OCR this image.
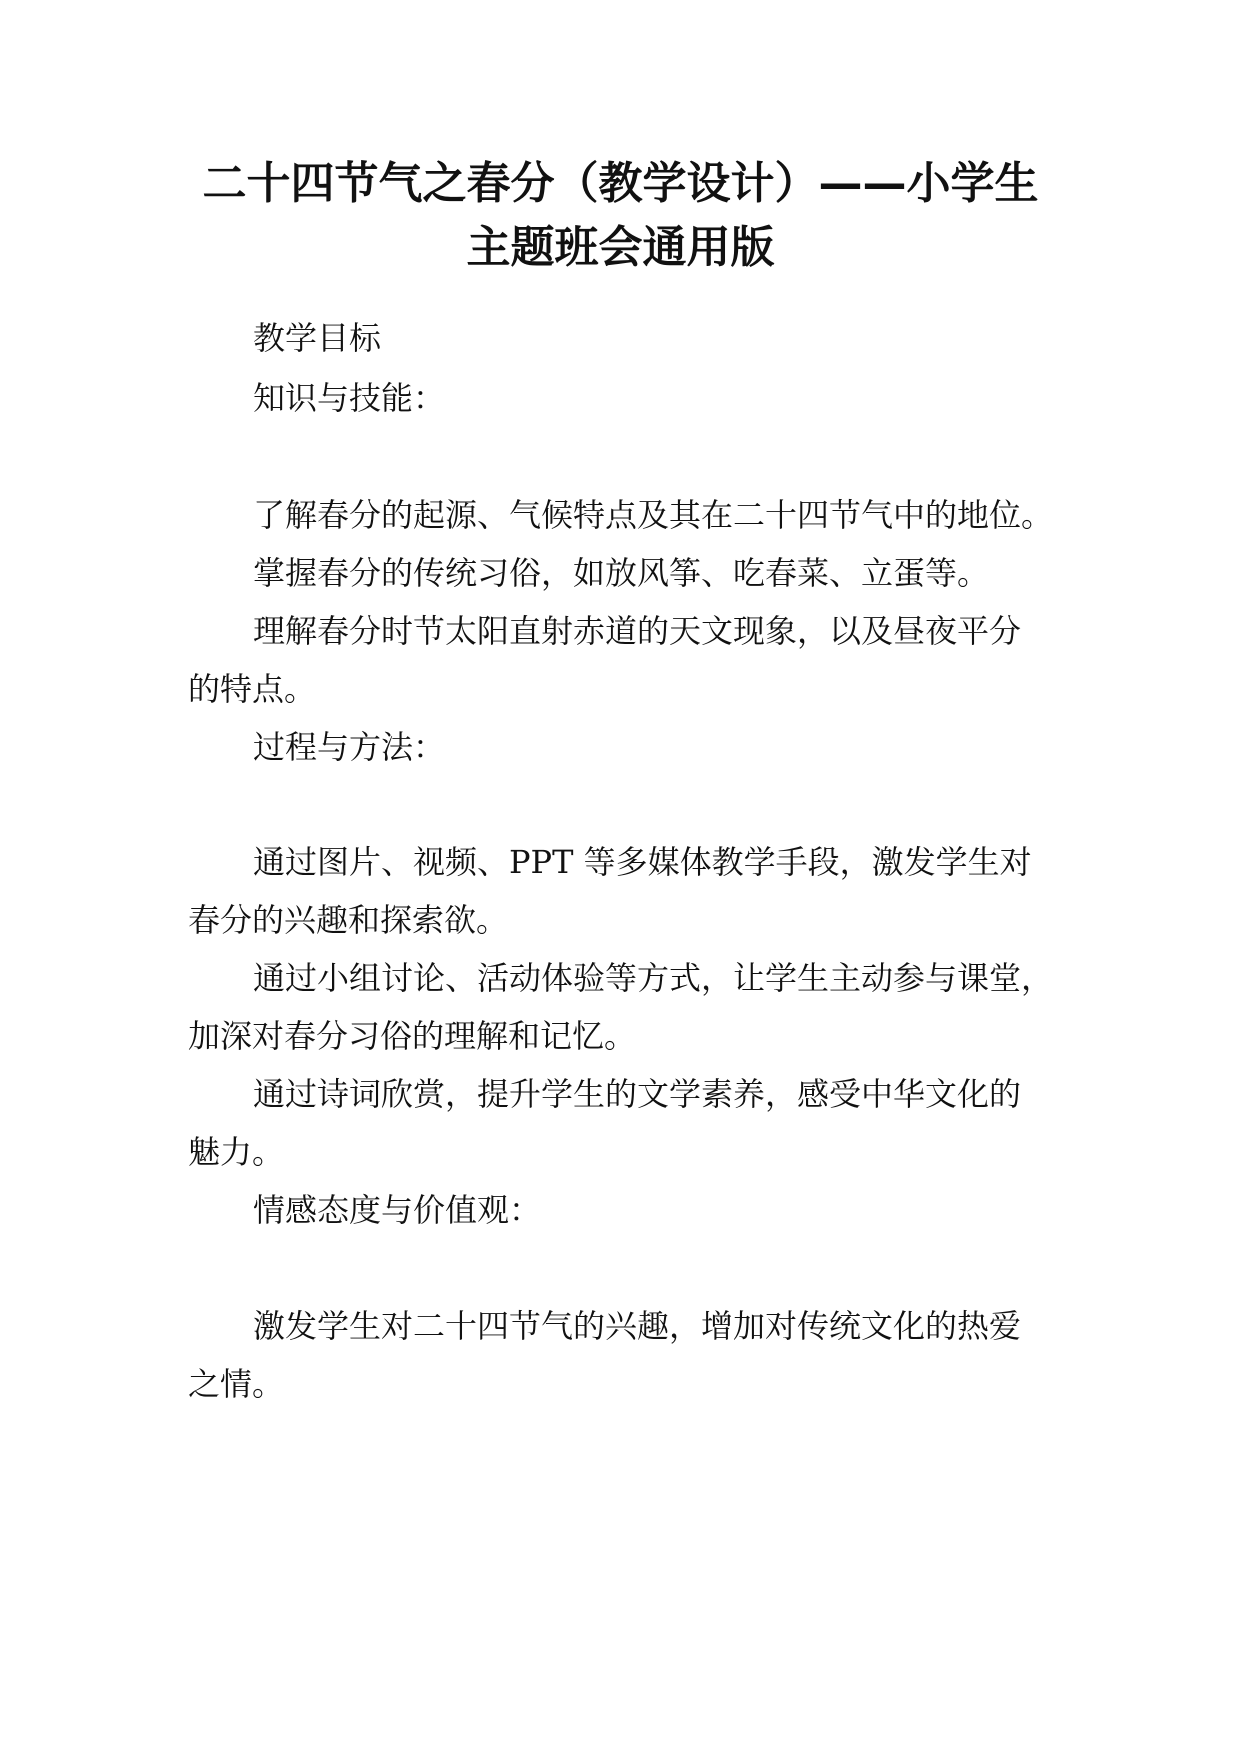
二十四节气之春分（教学设计）——小学生
主题班会通用版

教学目标

知识与技能：

了解春分的起源、气候特点及其在二十四节气中的地位。

掌握春分的传统习俗，如放风筝、吃春菜、立蛋等。

理解春分时节太阳直射赤道的天文现象，以及昼夜平分

的特点。

过程与方法：

通过图片、视频、PPT 等多媒体教学手段，激发学生对

春分的兴趣和探索欲。

通过小组讨论、活动体验等方式，让学生主动参与课堂，

加深对春分习俗的理解和记忆。

通过诗词欣赏，提升学生的文学素养，感受中华文化的

魅力。

情感态度与价值观：

激发学生对二十四节气的兴趣，增加对传统文化的热爱

之情。
